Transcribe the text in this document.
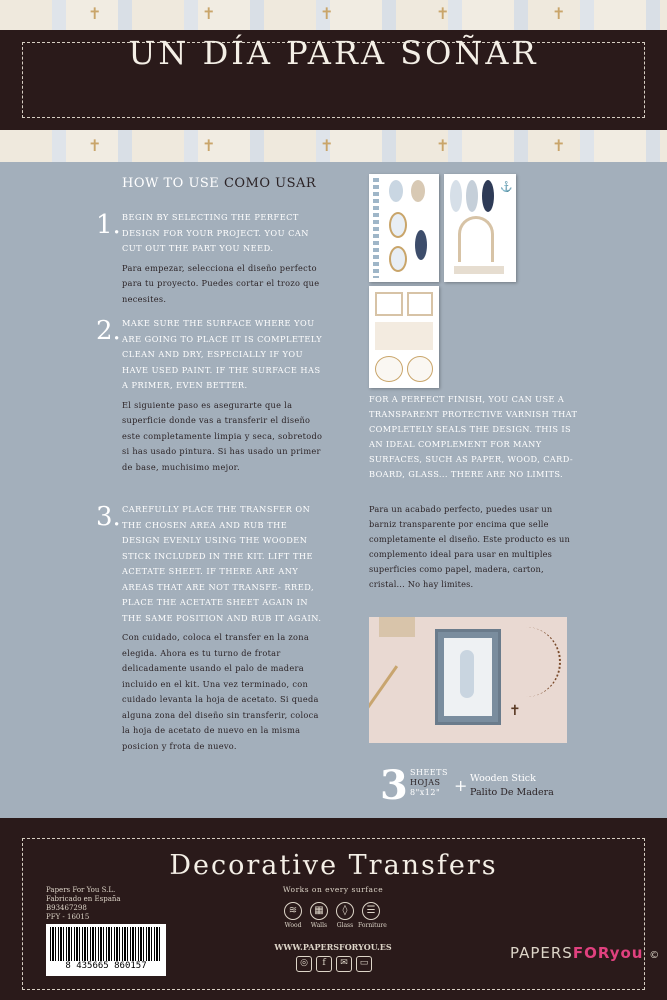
✝	✝	✝	✝	✝
UN DÍA PARA SOÑAR
✝	✝	✝	✝	✝
HOW TO USE COMO USAR
1. BEGIN BY SELECTING THE PERFECT DESIGN FOR YOUR PROJECT. YOU CAN CUT OUT THE PART YOU NEED.
Para empezar, selecciona el diseño perfecto para tu proyecto. Puedes cortar el trozo que necesites.
2. MAKE SURE THE SURFACE WHERE YOU ARE GOING TO PLACE IT IS COMPLETELY CLEAN AND DRY, ESPECIALLY IF YOU HAVE USED PAINT. IF THE SURFACE HAS A PRIMER, EVEN BETTER.
El siguiente paso es asegurarte que la superficie donde vas a transferir el diseño este completamente limpia y seca, sobretodo si has usado pintura. Si has usado un primer de base, muchisimo mejor.
3. CAREFULLY PLACE THE TRANSFER ON THE CHOSEN AREA AND RUB THE DESIGN EVENLY USING THE WOODEN STICK INCLUDED IN THE KIT. LIFT THE ACETATE SHEET. IF THERE ARE ANY AREAS THAT ARE NOT TRANSFE- RRED, PLACE THE ACETATE SHEET AGAIN IN THE SAME POSITION AND RUB IT AGAIN.
Con cuidado, coloca el transfer en la zona elegida. Ahora es tu turno de frotar delicadamente usando el palo de madera incluido en el kit. Una vez terminado, con cuidado levanta la hoja de acetato. Si queda alguna zona del diseño sin transferir, coloca la hoja de acetato de nuevo en la misma posicion y frota de nuevo.
⚓
FOR A PERFECT FINISH, YOU CAN USE A TRANSPARENT PROTECTIVE VARNISH THAT COMPLETELY SEALS THE DESIGN. THIS IS AN IDEAL COMPLEMENT FOR MANY SURFACES, SUCH AS PAPER, WOOD, CARD- BOARD, GLASS... THERE ARE NO LIMITS.
Para un acabado perfecto, puedes usar un barniz transparente por encima que selle completamente el diseño. Este producto es un complemento ideal para usar en multiples superficies como papel, madera, carton, cristal... No hay limites.
✝
3 SHEETS
HOJAS
8"x12" + Wooden Stick
Palito De Madera
Decorative Transfers
Papers For You S.L.
Fabricado en España
B93467298
PFY - 16015
8 435665 860157
Works on every surface
≋
Wood
▦
Walls
◊
Glass
☰
Forniture
WWW.PAPERSFORYOU.ES
◎	f	✉	▭
PAPERSFORyou ©
